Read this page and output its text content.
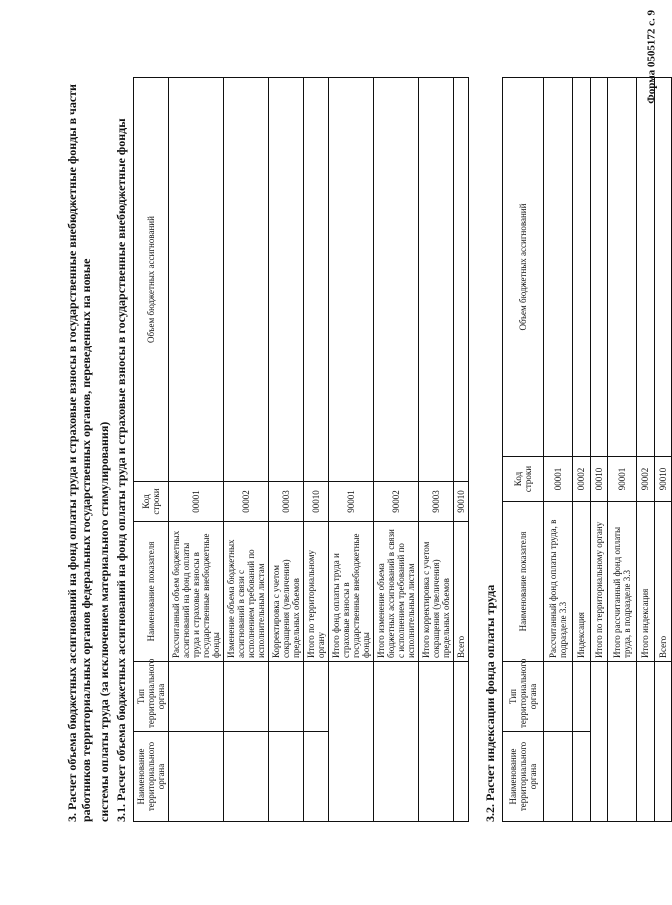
Форма 0505172 с. 9
3. Расчет объема бюджетных ассигнований на фонд оплаты труда и страховые взносы в государственные внебюджетные фонды в части работников территориальных органов федеральных государственных органов, переведенных на новые системы оплаты труда (за исключением материального стимулирования) 3.1. Расчет объема бюджетных ассигнований на фонд оплаты труда и страховые взносы в государственные внебюджетные фонды Наименование территориального органа	Тип территориального органа	Наименование показателя	Код строки	Объем бюджетных ассигнований
		Рассчитанный объем бюджетных ассигнований на фонд оплаты труда и страховые взносы в государственные внебюджетные фонды	00001	
		Изменение объема бюджетных ассигнований в связи с исполнением требований по исполнительным листам	00002	
		Корректировка с учетом сокращения (увеличения) предельных объемов	00003	
		Итого по территориальному органу	00010	
		Итого фонд оплаты труда и страховые взносы в государственные внебюджетные фонды	90001	
		Итого изменение объема бюджетных ассигнований в связи с исполнением требований по исполнительным листам	90002	
		Итого корректировка с учетом сокращения (увеличения) предельных объемов	90003	
		Всего	90010	
3.2. Расчет индексации фонда оплаты труда Наименование территориального органа	Тип территориального органа	Наименование показателя	Код строки	Объем бюджетных ассигнований
		Рассчитанный фонд оплаты труда, в подразделе 3.3	00001	
		Индексация	00002	
		Итого по территориальному органу	00010	
		Итого рассчитанный фонд оплаты труда, в подразделе 3.3	90001	
		Итого индексация	90002	
		Всего	90010	
